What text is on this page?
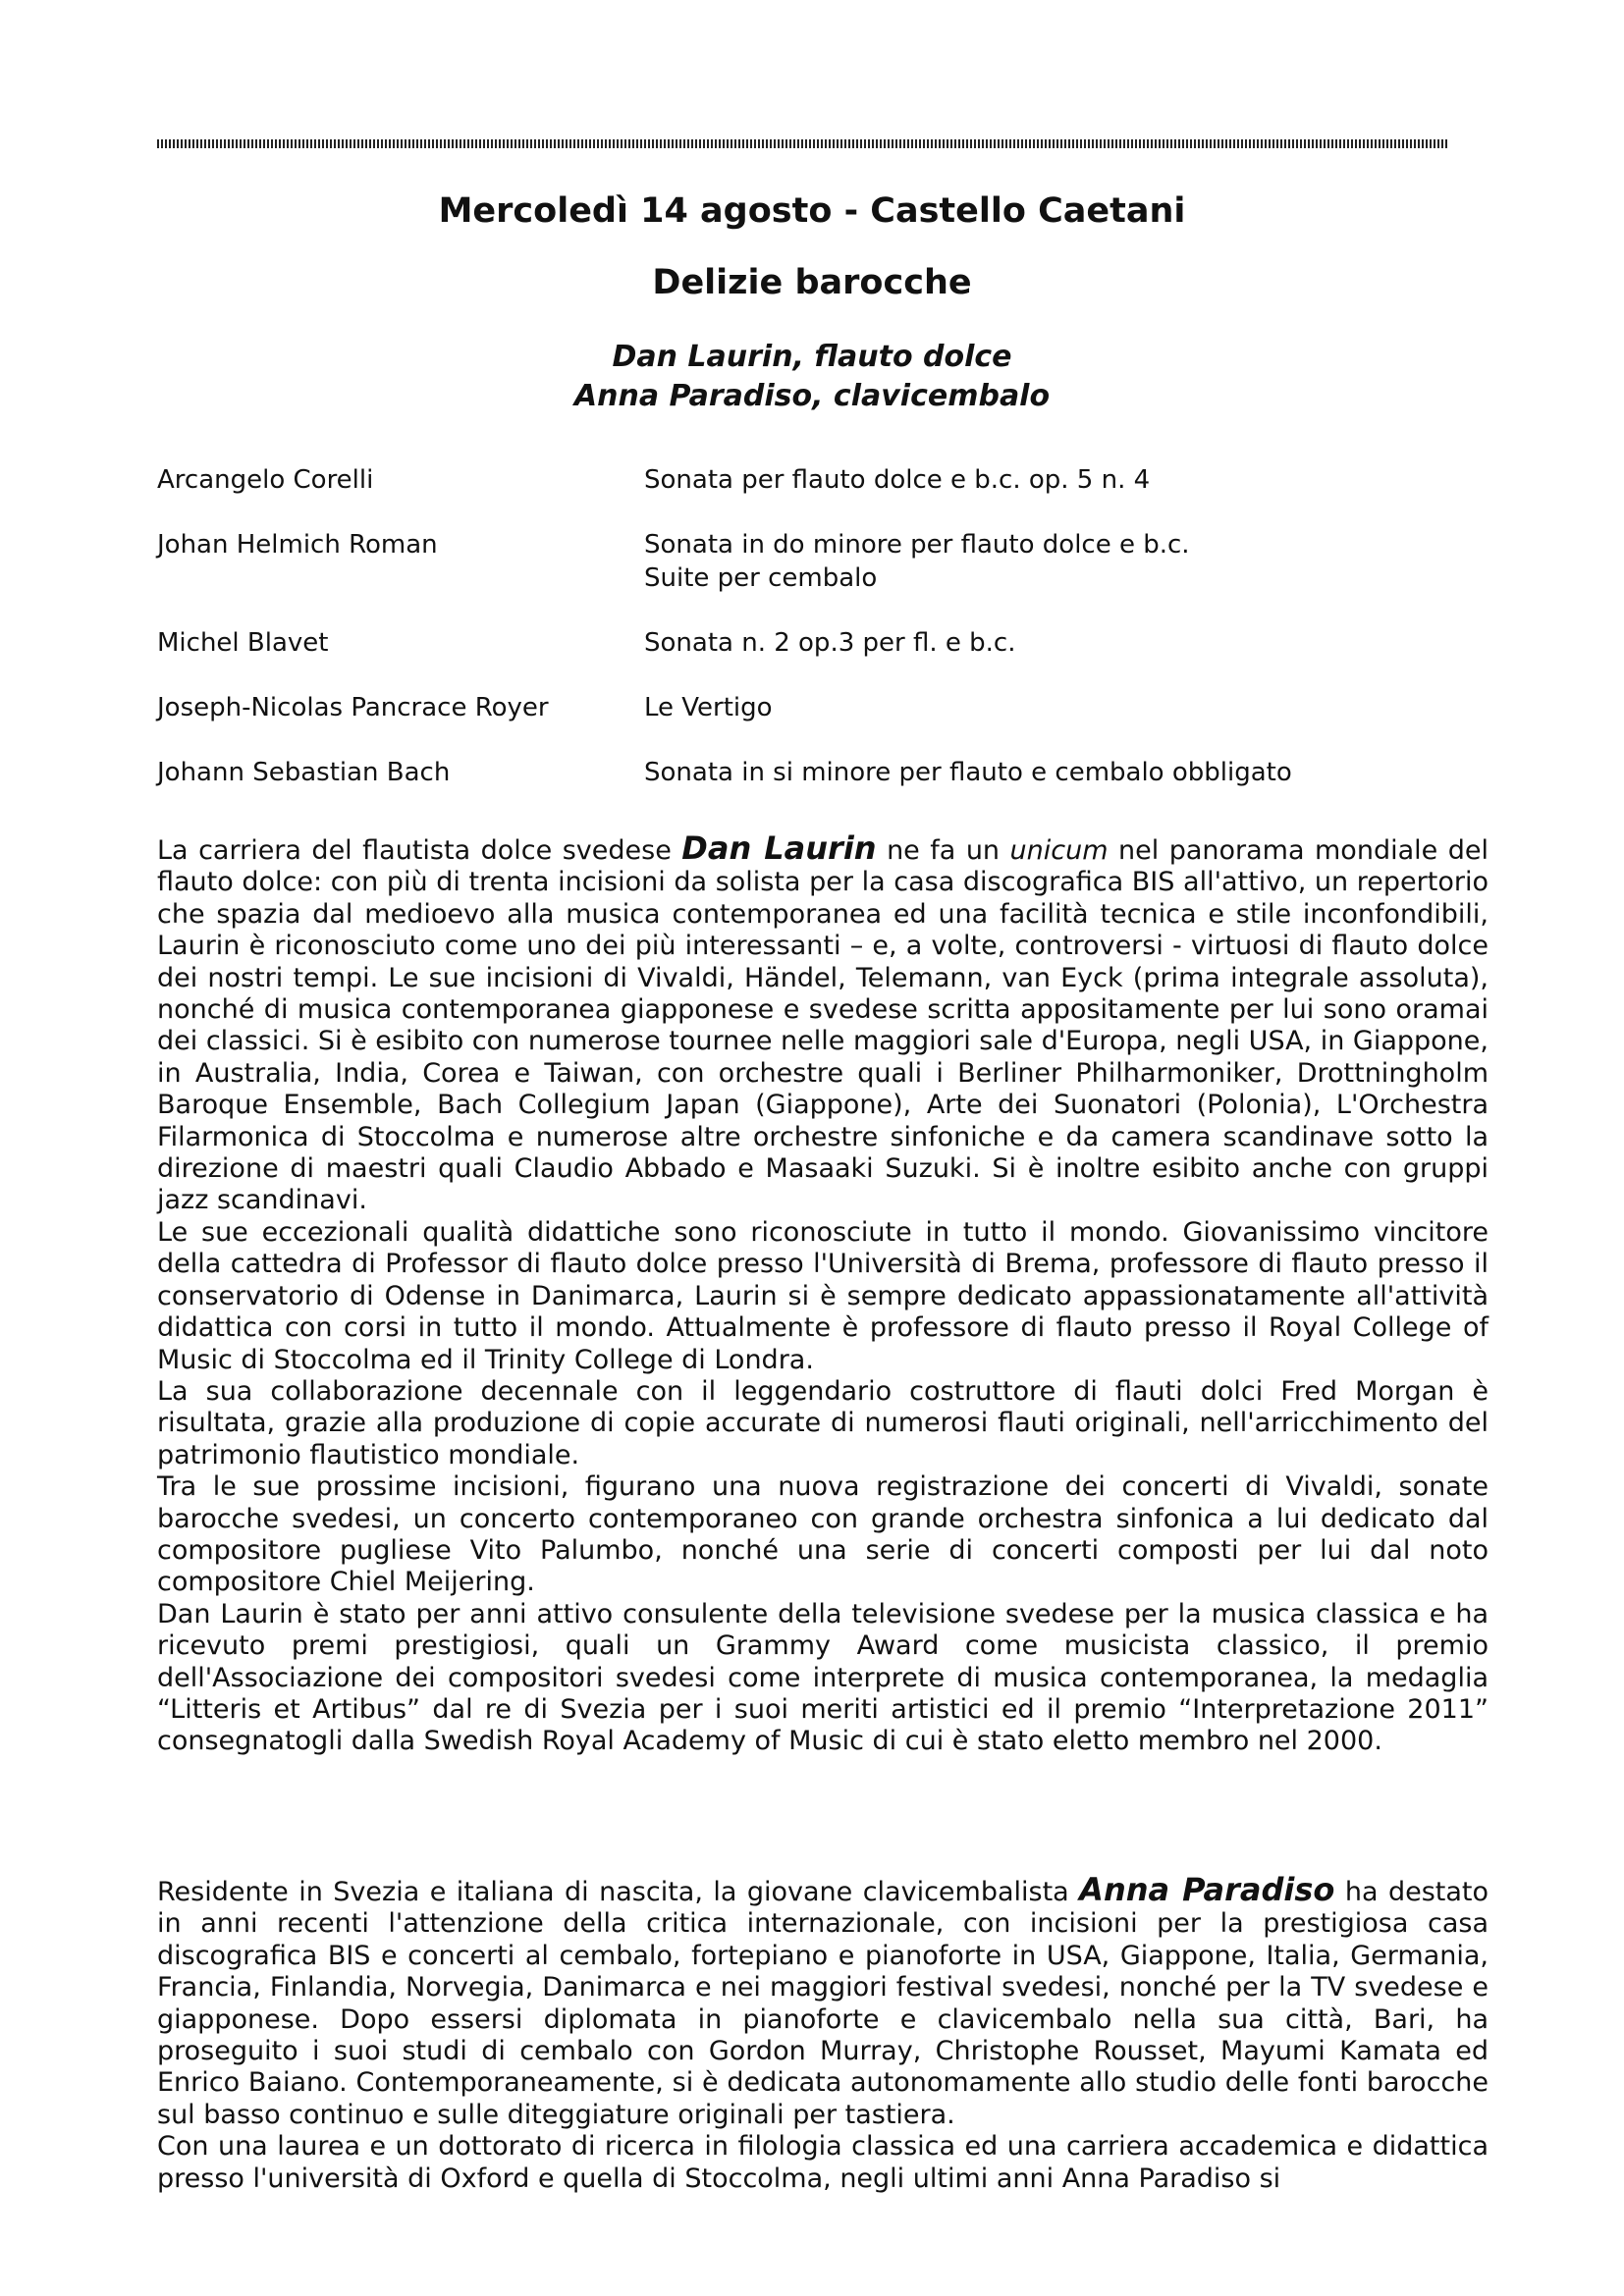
Mercoledì 14 agosto - Castello Caetani
Delizie barocche
Dan Laurin, flauto dolce
Anna Paradiso, clavicembalo
Arcangelo Corelli	Sonata per flauto dolce e b.c. op. 5 n. 4
Johan Helmich Roman	Sonata in do minore per flauto dolce e b.c.
Suite per cembalo
Michel Blavet	Sonata n. 2 op.3 per fl. e b.c.
Joseph-Nicolas Pancrace Royer	Le Vertigo
Johann Sebastian Bach	Sonata in si minore per flauto e cembalo obbligato

La carriera del flautista dolce svedese Dan Laurin ne fa un unicum nel panorama mondiale del flauto dolce: con più di trenta incisioni da solista per la casa discografica BIS all'attivo, un repertorio che spazia dal medioevo alla musica contemporanea ed una facilità tecnica e stile inconfondibili, Laurin è riconosciuto come uno dei più interessanti – e, a volte, controversi - virtuosi di flauto dolce dei nostri tempi. Le sue incisioni di Vivaldi, Händel, Telemann, van Eyck (prima integrale assoluta), nonché di musica contemporanea giapponese e svedese scritta appositamente per lui sono oramai dei classici. Si è esibito con numerose tournee nelle maggiori sale d'Europa, negli USA, in Giappone, in Australia, India, Corea e Taiwan, con orchestre quali i Berliner Philharmoniker, Drottningholm Baroque Ensemble, Bach Collegium Japan (Giappone), Arte dei Suonatori (Polonia), L'Orchestra Filarmonica di Stoccolma e numerose altre orchestre sinfoniche e da camera scandinave sotto la direzione di maestri quali Claudio Abbado e Masaaki Suzuki. Si è inoltre esibito anche con gruppi jazz scandinavi.

Le sue eccezionali qualità didattiche sono riconosciute in tutto il mondo. Giovanissimo vincitore della cattedra di Professor di flauto dolce presso l'Università di Brema, professore di flauto presso il conservatorio di Odense in Danimarca, Laurin si è sempre dedicato appassionatamente all'attività didattica con corsi in tutto il mondo. Attualmente è professore di flauto presso il Royal College of Music di Stoccolma ed il Trinity College di Londra.

La sua collaborazione decennale con il leggendario costruttore di flauti dolci Fred Morgan è risultata, grazie alla produzione di copie accurate di numerosi flauti originali, nell'arricchimento del patrimonio flautistico mondiale.

Tra le sue prossime incisioni, figurano una nuova registrazione dei concerti di Vivaldi, sonate barocche svedesi, un concerto contemporaneo con grande orchestra sinfonica a lui dedicato dal compositore pugliese Vito Palumbo, nonché una serie di concerti composti per lui dal noto compositore Chiel Meijering.

Dan Laurin è stato per anni attivo consulente della televisione svedese per la musica classica e ha ricevuto premi prestigiosi, quali un Grammy Award come musicista classico, il premio dell'Associazione dei compositori svedesi come interprete di musica contemporanea, la medaglia “Litteris et Artibus” dal re di Svezia per i suoi meriti artistici ed il premio “Interpretazione 2011” consegnatogli dalla Swedish Royal Academy of Music di cui è stato eletto membro nel 2000.

Residente in Svezia e italiana di nascita, la giovane clavicembalista Anna Paradiso ha destato in anni recenti l'attenzione della critica internazionale, con incisioni per la prestigiosa casa discografica BIS e concerti al cembalo, fortepiano e pianoforte in USA, Giappone, Italia, Germania, Francia, Finlandia, Norvegia, Danimarca e nei maggiori festival svedesi, nonché per la TV svedese e giapponese. Dopo essersi diplomata in pianoforte e clavicembalo nella sua città, Bari, ha proseguito i suoi studi di cembalo con Gordon Murray, Christophe Rousset, Mayumi Kamata ed Enrico Baiano. Contemporaneamente, si è dedicata autonomamente allo studio delle fonti barocche sul basso continuo e sulle diteggiature originali per tastiera.

Con una laurea e un dottorato di ricerca in filologia classica ed una carriera accademica e didattica presso l'università di Oxford e quella di Stoccolma, negli ultimi anni Anna Paradiso si
